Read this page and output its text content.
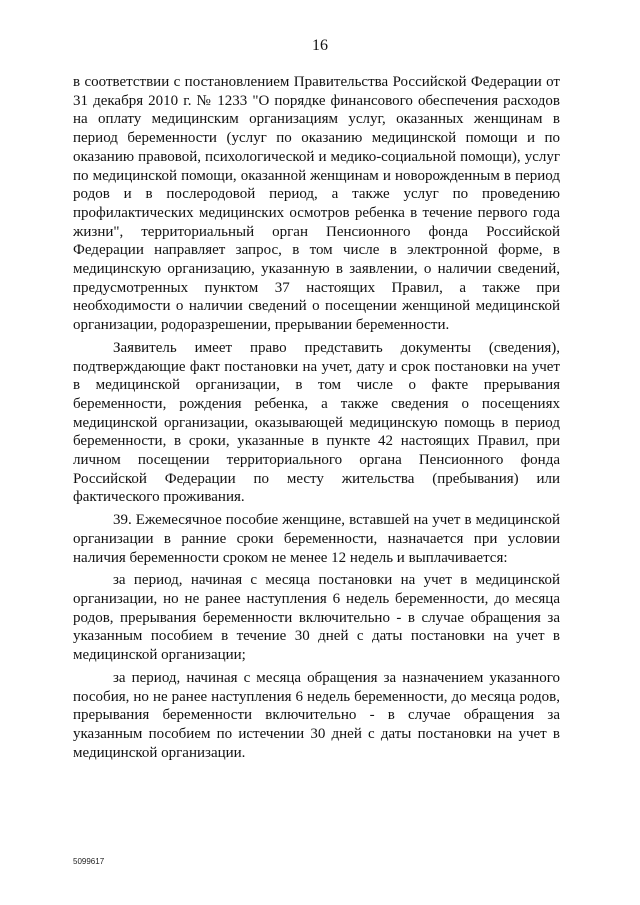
16

в соответствии с постановлением Правительства Российской Федерации от 31 декабря 2010 г. № 1233 "О порядке финансового обеспечения расходов на оплату медицинским организациям услуг, оказанных женщинам в период беременности (услуг по оказанию медицинской помощи и по оказанию правовой, психологической и медико-социальной помощи), услуг по медицинской помощи, оказанной женщинам и новорожденным в период родов и в послеродовой период, а также услуг по проведению профилактических медицинских осмотров ребенка в течение первого года жизни", территориальный орган Пенсионного фонда Российской Федерации направляет запрос, в том числе в электронной форме, в медицинскую организацию, указанную в заявлении, о наличии сведений, предусмотренных пунктом 37 настоящих Правил, а также при необходимости о наличии сведений о посещении женщиной медицинской организации, родоразрешении, прерывании беременности.

Заявитель имеет право представить документы (сведения), подтверждающие факт постановки на учет, дату и срок постановки на учет в медицинской организации, в том числе о факте прерывания беременности, рождения ребенка, а также сведения о посещениях медицинской организации, оказывающей медицинскую помощь в период беременности, в сроки, указанные в пункте 42 настоящих Правил, при личном посещении территориального органа Пенсионного фонда Российской Федерации по месту жительства (пребывания) или фактического проживания.

39. Ежемесячное пособие женщине, вставшей на учет в медицинской организации в ранние сроки беременности, назначается при условии наличия беременности сроком не менее 12 недель и выплачивается:

за период, начиная с месяца постановки на учет в медицинской организации, но не ранее наступления 6 недель беременности, до месяца родов, прерывания беременности включительно - в случае обращения за указанным пособием в течение 30 дней с даты постановки на учет в медицинской организации;

за период, начиная с месяца обращения за назначением указанного пособия, но не ранее наступления 6 недель беременности, до месяца родов, прерывания беременности включительно - в случае обращения за указанным пособием по истечении 30 дней с даты постановки на учет в медицинской организации.

5099617
